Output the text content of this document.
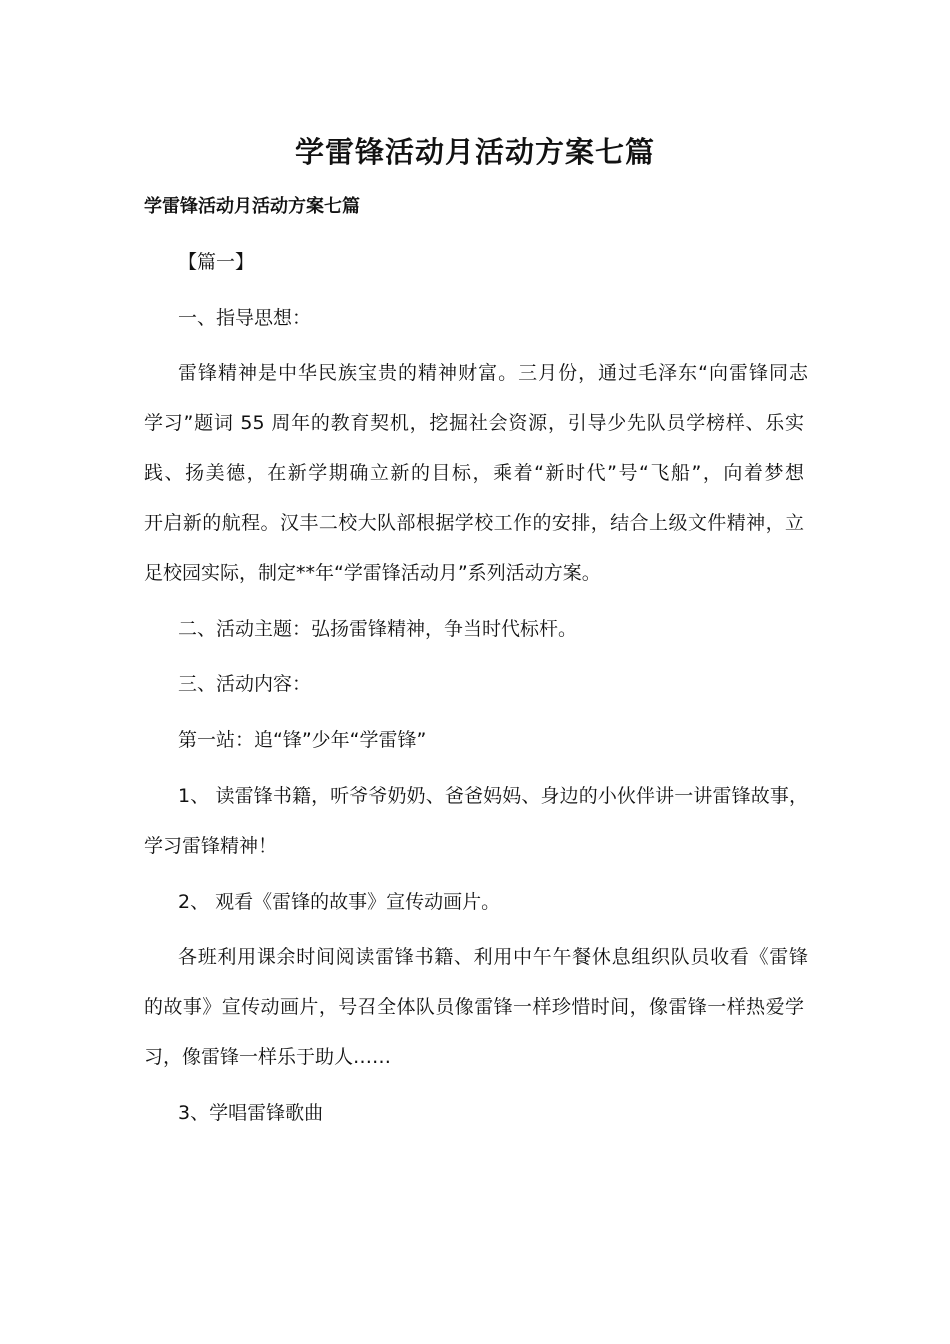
学雷锋活动月活动方案七篇
学雷锋活动月活动方案七篇
【篇一】
一、指导思想：
雷锋精神是中华民族宝贵的精神财富。三月份，通过毛泽东“向雷锋同志
学习”题词 55 周年的教育契机，挖掘社会资源，引导少先队员学榜样、乐实
践、扬美德，在新学期确立新的目标，乘着“新时代”号“飞船”，向着梦想
开启新的航程。汉丰二校大队部根据学校工作的安排，结合上级文件精神，立
足校园实际，制定**年“学雷锋活动月”系列活动方案。
二、活动主题：弘扬雷锋精神，争当时代标杆。
三、活动内容：
第一站：追“锋”少年“学雷锋”
1、 读雷锋书籍，听爷爷奶奶、爸爸妈妈、身边的小伙伴讲一讲雷锋故事，
学习雷锋精神！
2、 观看《雷锋的故事》宣传动画片。
各班利用课余时间阅读雷锋书籍、利用中午午餐休息组织队员收看《雷锋
的故事》宣传动画片，号召全体队员像雷锋一样珍惜时间，像雷锋一样热爱学
习，像雷锋一样乐于助人……
3、学唱雷锋歌曲
